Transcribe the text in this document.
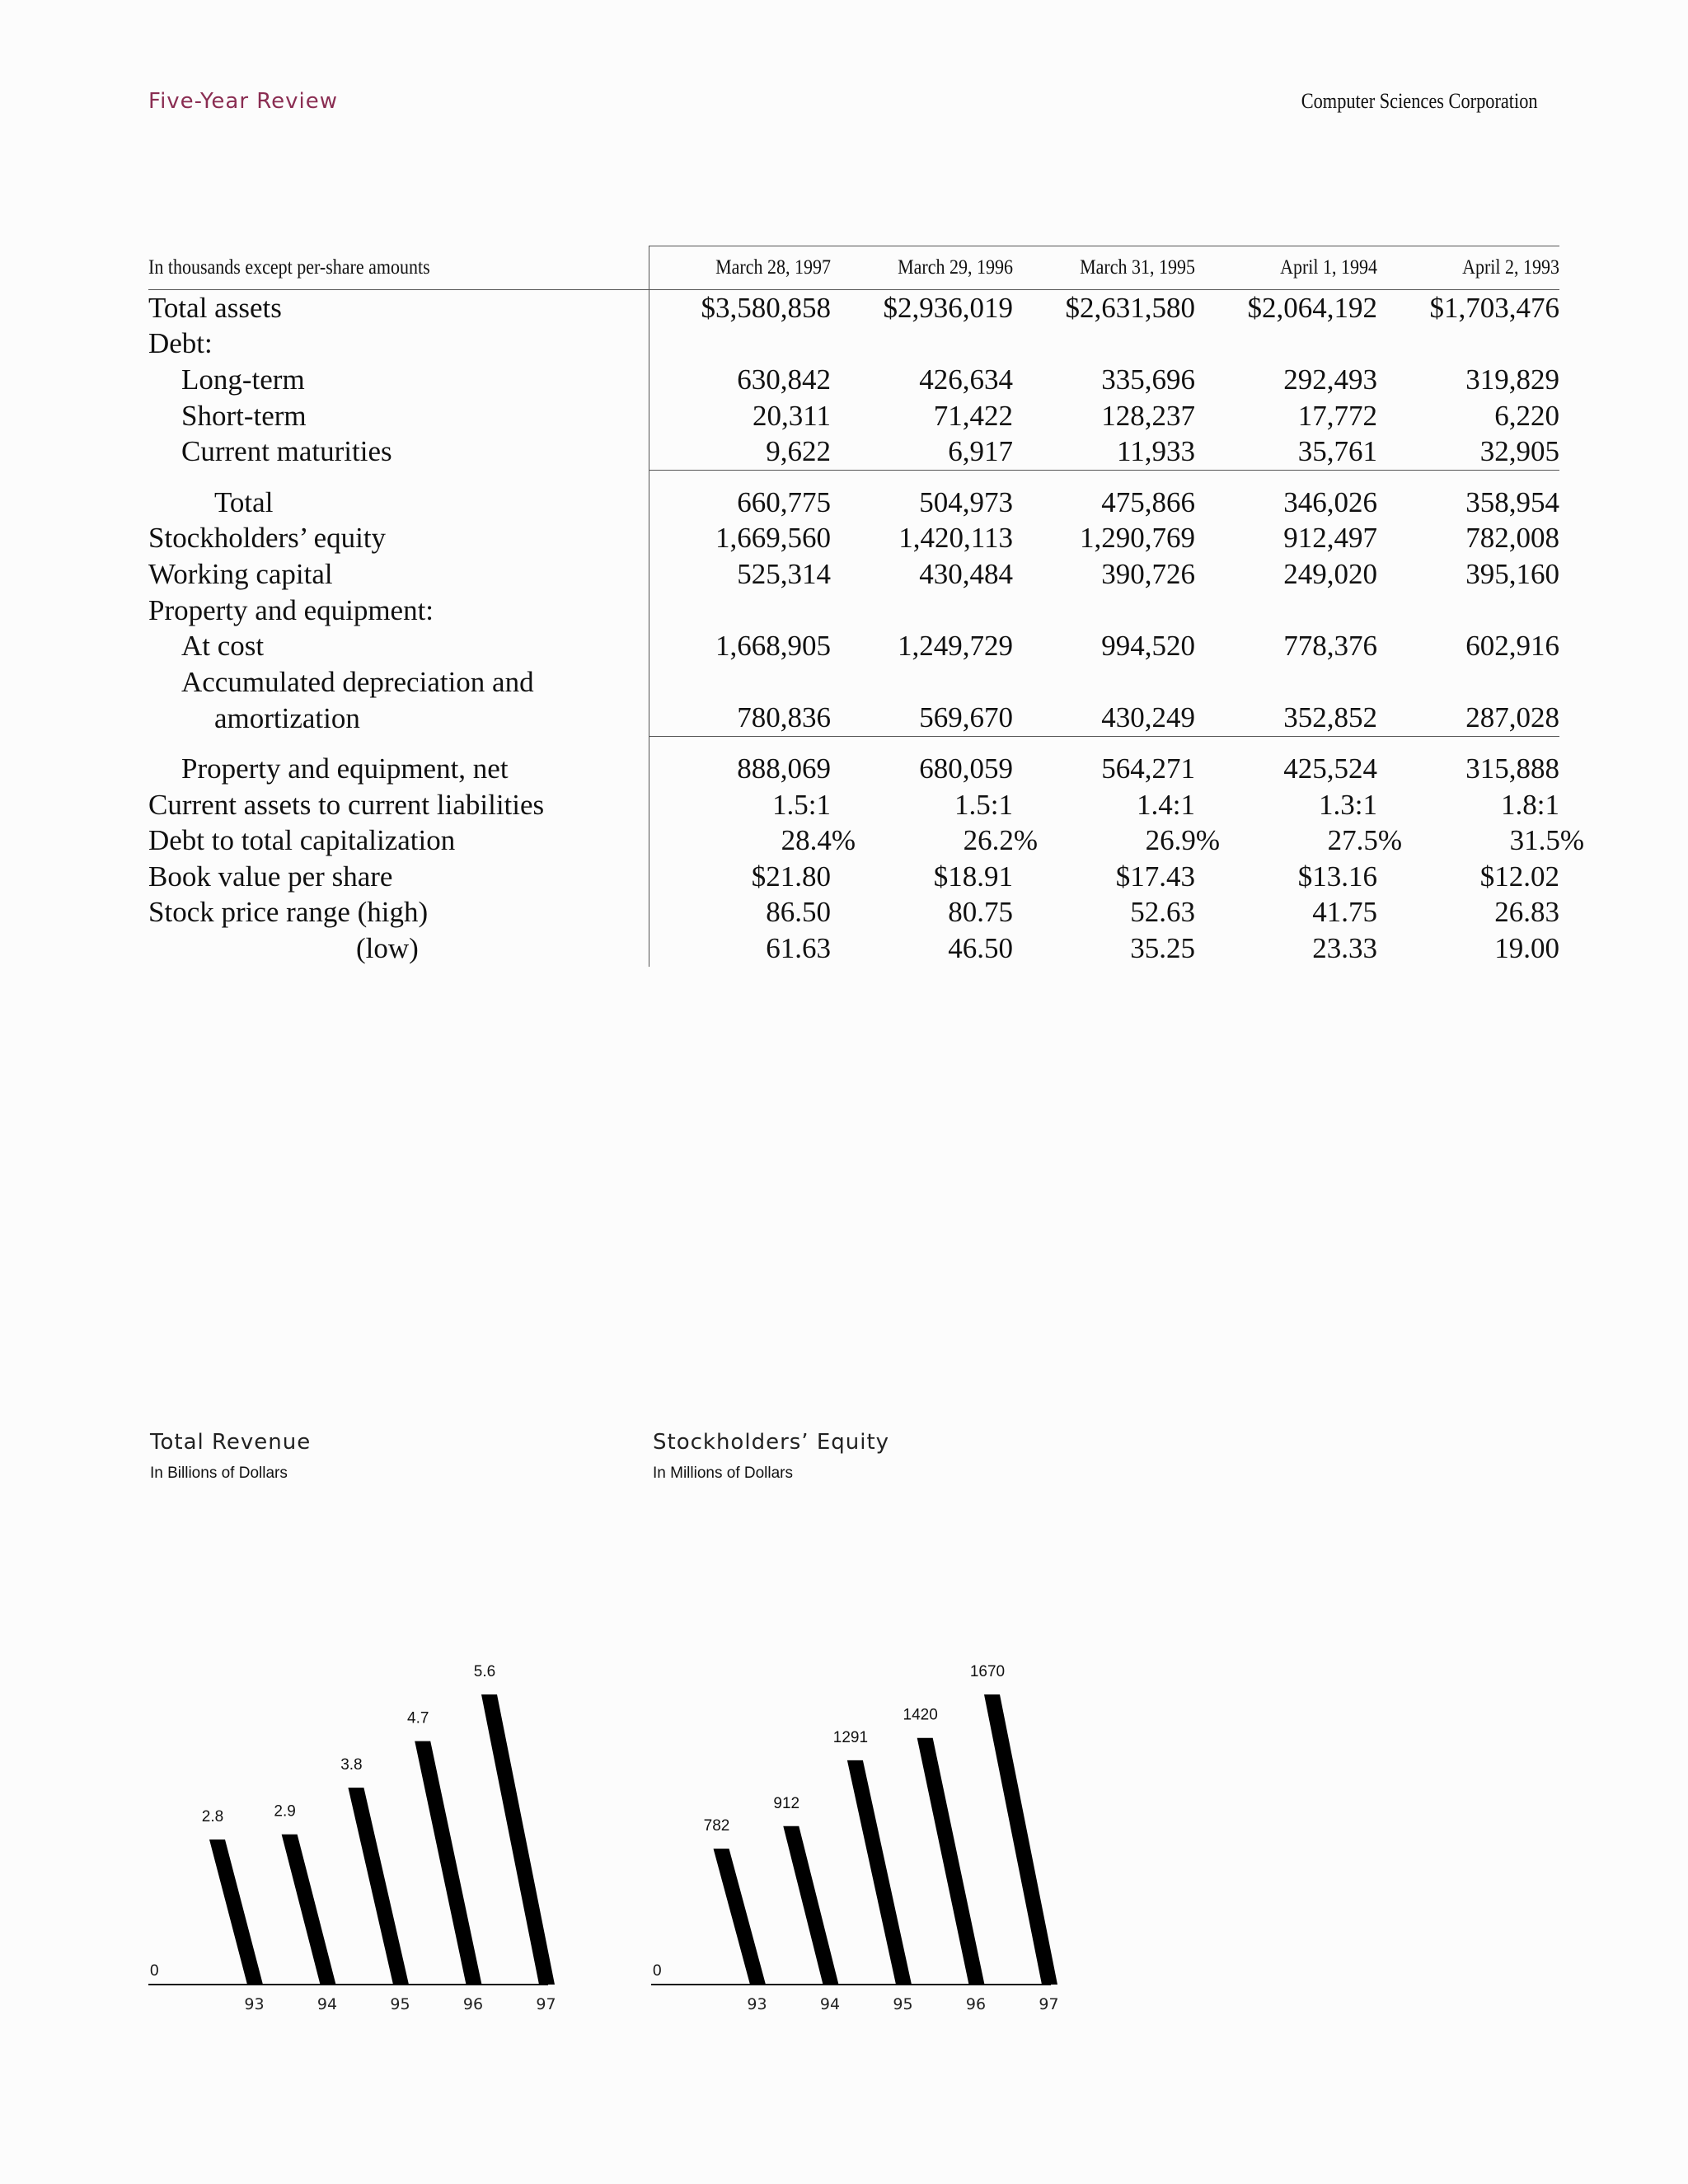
Five-Year Review	Computer Sciences Corporation
In thousands except per-share amounts	March 28, 1997	March 29, 1996	March 31, 1995	April 1, 1994	April 2, 1993
Total assets	$3,580,858	$2,936,019	$2,631,580	$2,064,192	$1,703,476
Debt:					
Long-term	630,842	426,634	335,696	292,493	319,829
Short-term	20,311	71,422	128,237	17,772	6,220
Current maturities	9,622	6,917	11,933	35,761	32,905

Total	660,775	504,973	475,866	346,026	358,954
Stockholders’ equity	1,669,560	1,420,113	1,290,769	912,497	782,008
Working capital	525,314	430,484	390,726	249,020	395,160
Property and equipment:					
At cost	1,668,905	1,249,729	994,520	778,376	602,916
Accumulated depreciation and					
amortization	780,836	569,670	430,249	352,852	287,028

Property and equipment, net	888,069	680,059	564,271	425,524	315,888
Current assets to current liabilities	1.5:1	1.5:1	1.4:1	1.3:1	1.8:1
Debt to total capitalization	28.4%	26.2%	26.9%	27.5%	31.5%
Book value per share	$21.80	$18.91	$17.43	$13.16	$12.02
Stock price range (high)	86.50	80.75	52.63	41.75	26.83
(low)	61.63	46.50	35.25	23.33	19.00
0
2.8
93
2.9
94
3.8
95
4.7
96
5.6
97
Total Revenue
In Billions of Dollars
0
782
93
912
94
1291
95
1420
96
1670
97
Stockholders’ Equity
In Millions of Dollars
